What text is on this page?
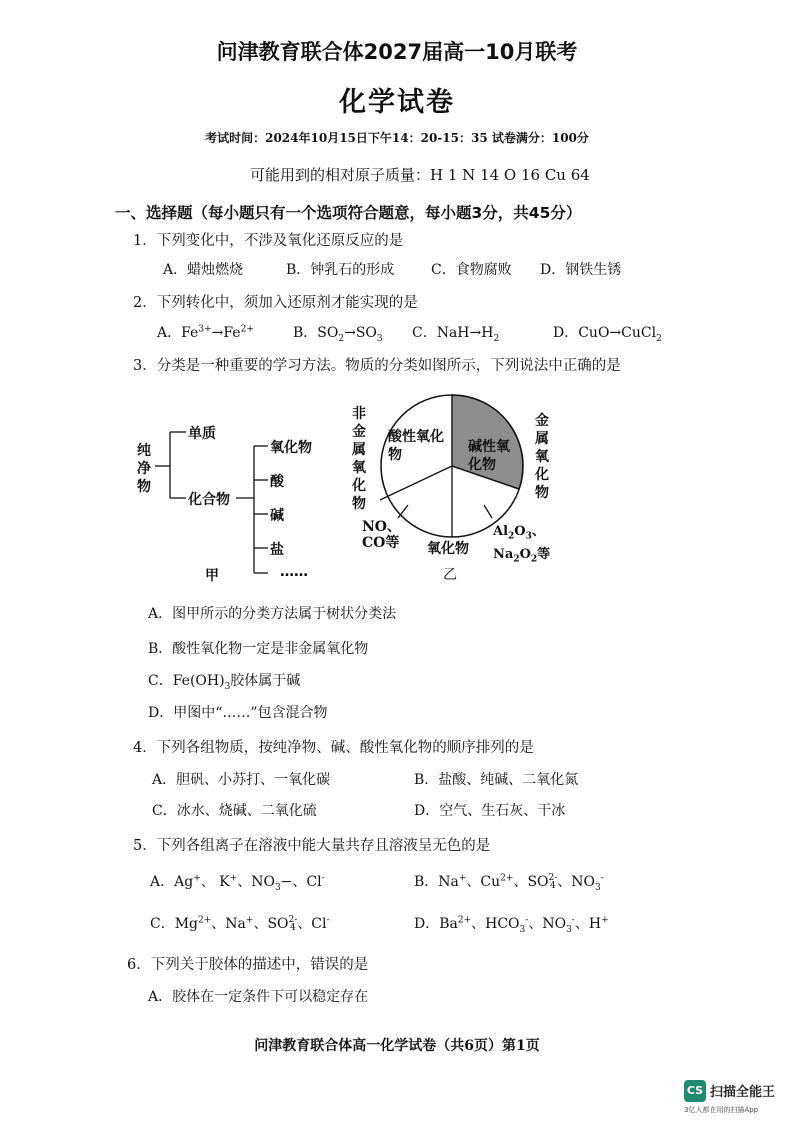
问津教育联合体2027届高一10月联考
化学试卷
考试时间：2024年10月15日下午14：20-15：35 试卷满分：100分
可能用到的相对原子质量：H 1 N 14 O 16 Cu 64
一、选择题（每小题只有一个选项符合题意，每小题3分，共45分）
1．下列变化中，不涉及氧化还原反应的是
A．蜡烛燃烧	B．钟乳石的形成	C．食物腐败 D．钢铁生锈
2．下列转化中，须加入还原剂才能实现的是
A．$Fe^{3+}\to Fe^{2+}$	B．$SO_2\to SO_3$ C．$NaH\to H_2$	D．CuO→CuCl$_2$
3．分类是一种重要的学习方法。物质的分类如图所示，下列说法中正确的是
纯净物
单质
化合物
氧化物
酸
碱
盐
……
甲
非金属氧化物
金属氧化物
酸性氧化物	碱性氧化物
NO、CO等 氧化物
$Al_2O_3$、
$Na_2O_2$等
乙
A．图甲所示的分类方法属于树状分类法
B．酸性氧化物一定是非金属氧化物
C．$Fe(OH)_3$胶体属于碱
D．甲图中“……”包含混合物
4．下列各组物质，按纯净物、碱、酸性氧化物的顺序排列的是
A．胆矾、小苏打、一氧化碳	B．盐酸、纯碱、二氧化氮
C．冰水、烧碱、二氧化硫	D．空气、生石灰、干冰
5．下列各组离子在溶液中能大量共存且溶液呈无色的是
A．Ag+、 K+、$NO_3-$、Cl-	B．Na+、$Cu^{2+}$、SO2-
4 、$NO_3^-$
C．$Mg^{2+}$、Na+、SO2-
4 、Cl-	D．$Ba^{2+}$、$HCO_3^-$、$NO_3^-$、H+
6．下列关于胶体的描述中，错误的是
A．胶体在一定条件下可以稳定存在
问津教育联合体高一化学试卷（共6页）第1页
CS 扫描全能王
3亿人都在用的扫描App
